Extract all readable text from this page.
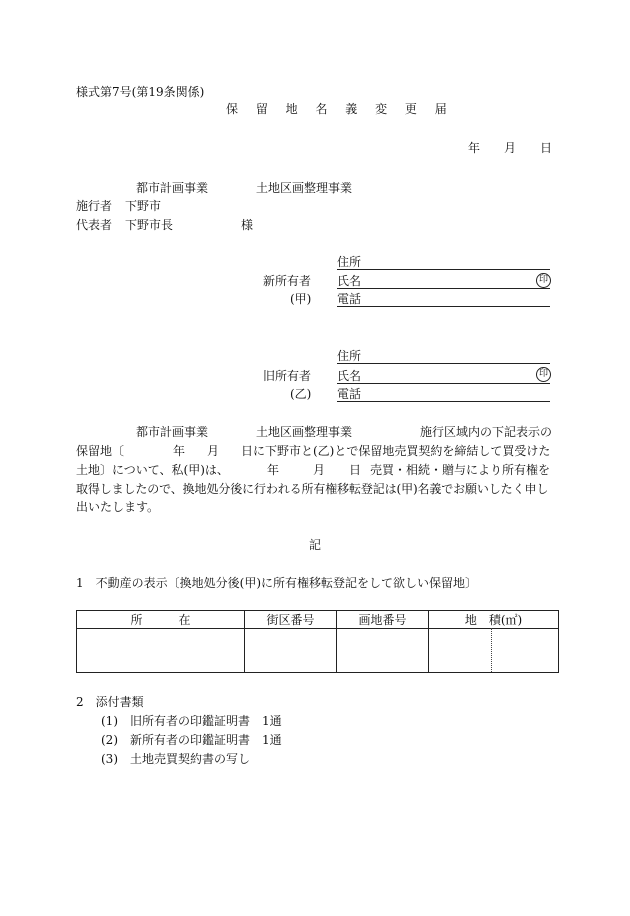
様式第7号(第19条関係)
保 留 地 名 義 変 更 届
年　　月　　日
都市計画事業	土地区画整理事業
施行者 下野市
代表者 下野市長	様
住所
新所有者 氏名	印
(甲) 電話
住所
旧所有者 氏名	印
(乙) 電話
都市計画事業	土地区画整理事業	施行区域内の下記表示の
保留地〔	年 月 日に下野市と(乙)とで保留地売買契約を締結して買受けた
土地〕について、私(甲)は、	年	月 日 売買・相続・贈与により所有権を
取得しましたので、換地処分後に行われる所有権移転登記は(甲)名義でお願いしたく申し
出いたします。
記
1　不動産の表示〔換地処分後(甲)に所有権移転登記をして欲しい保留地〕
所　　　在	街区番号	画地番号	地　積(㎡)

2　添付書類
(1) 旧所有者の印鑑証明書　1通
(2) 新所有者の印鑑証明書　1通
(3) 土地売買契約書の写し
